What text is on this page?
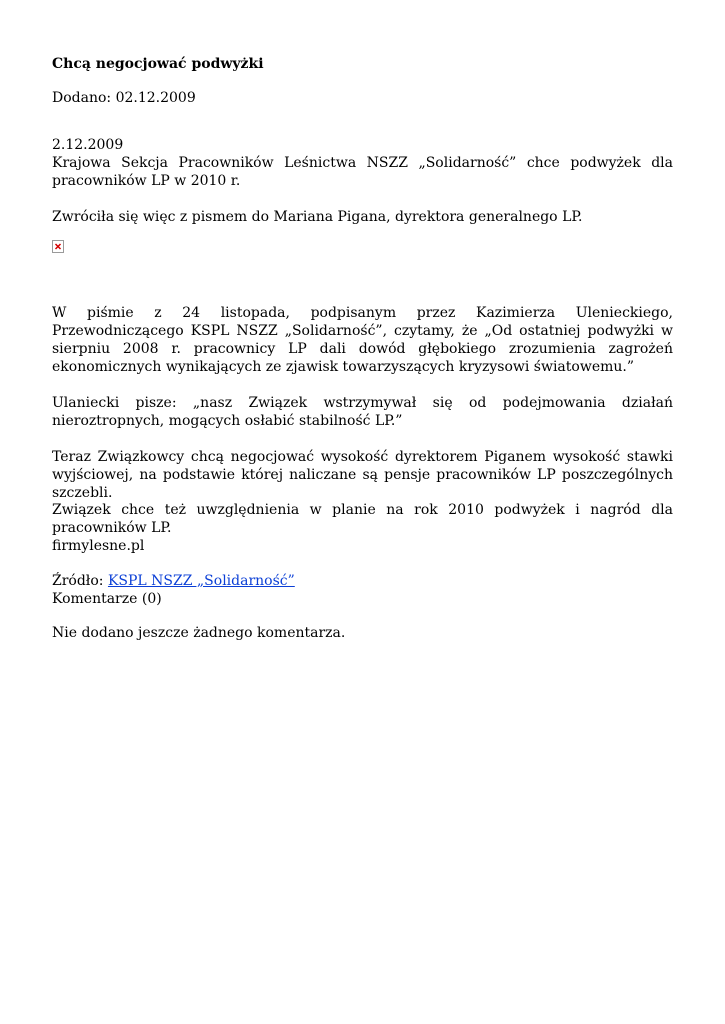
Chcą negocjować podwyżki
Dodano: 02.12.2009
2.12.2009
Krajowa Sekcja Pracowników Leśnictwa NSZZ „Solidarność” chce podwyżek dla pracowników LP w 2010 r.
Zwróciła się więc z pismem do Mariana Pigana, dyrektora generalnego LP.
W piśmie z 24 listopada, podpisanym przez Kazimierza Ulenieckiego, Przewodniczącego KSPL NSZZ „Solidarność”, czytamy, że „Od ostatniej podwyżki w sierpniu 2008 r. pracownicy LP dali dowód głębokiego zrozumienia zagrożeń ekonomicznych wynikających ze zjawisk towarzyszących kryzysowi światowemu.”
Ulaniecki pisze: „nasz Związek wstrzymywał się od podejmowania działań nieroztropnych, mogących osłabić stabilność LP.”
Teraz Związkowcy chcą negocjować wysokość dyrektorem Piganem wysokość stawki wyjściowej, na podstawie której naliczane są pensje pracowników LP poszczególnych szczebli.
Związek chce też uwzględnienia w planie na rok 2010 podwyżek i nagród dla pracowników LP.
firmylesne.pl
Źródło: KSPL NSZZ „Solidarność”
Komentarze (0)
Nie dodano jeszcze żadnego komentarza.
